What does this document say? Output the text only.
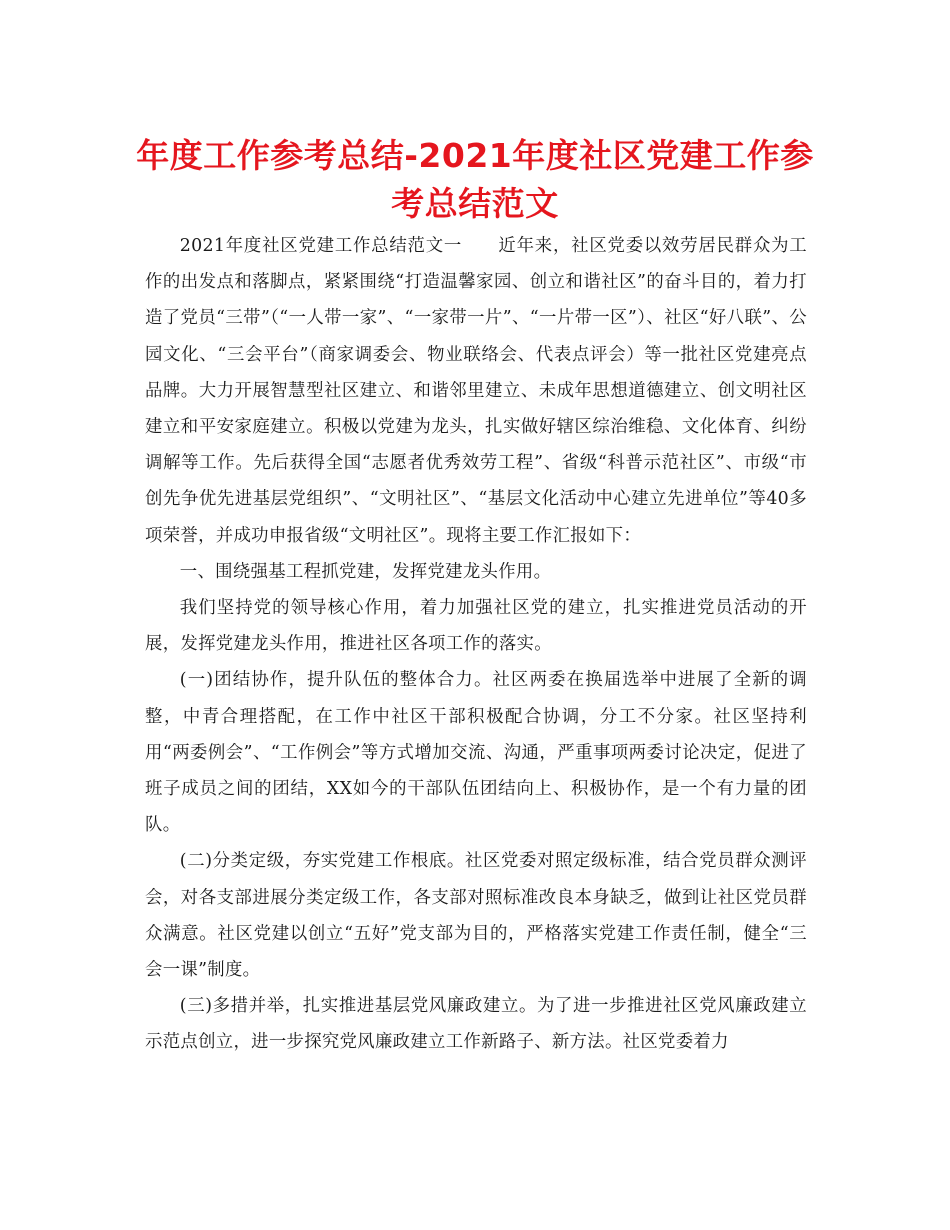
年度工作参考总结-2021年度社区党建工作参考总结范文

2021年度社区党建工作总结范文一　　近年来，社区党委以效劳居民群众为工作的出发点和落脚点，紧紧围绕“打造温馨家园、创立和谐社区”的奋斗目的，着力打造了党员“三带”（“一人带一家”、“一家带一片”、“一片带一区”）、社区“好八联”、公园文化、“三会平台”（商家调委会、物业联络会、代表点评会）等一批社区党建亮点品牌。大力开展智慧型社区建立、和谐邻里建立、未成年思想道德建立、创文明社区建立和平安家庭建立。积极以党建为龙头，扎实做好辖区综治维稳、文化体育、纠纷调解等工作。先后获得全国“志愿者优秀效劳工程”、省级“科普示范社区”、市级“市创先争优先进基层党组织”、“文明社区”、“基层文化活动中心建立先进单位”等40多项荣誉，并成功申报省级“文明社区”。现将主要工作汇报如下：

一、围绕强基工程抓党建，发挥党建龙头作用。

我们坚持党的领导核心作用，着力加强社区党的建立，扎实推进党员活动的开展，发挥党建龙头作用，推进社区各项工作的落实。

(一)团结协作，提升队伍的整体合力。社区两委在换届选举中进展了全新的调整，中青合理搭配，在工作中社区干部积极配合协调，分工不分家。社区坚持利用“两委例会”、“工作例会”等方式增加交流、沟通，严重事项两委讨论决定，促进了班子成员之间的团结，XX如今的干部队伍团结向上、积极协作，是一个有力量的团队。

(二)分类定级，夯实党建工作根底。社区党委对照定级标准，结合党员群众测评会，对各支部进展分类定级工作，各支部对照标准改良本身缺乏，做到让社区党员群众满意。社区党建以创立“五好”党支部为目的，严格落实党建工作责任制，健全“三会一课”制度。

(三)多措并举，扎实推进基层党风廉政建立。为了进一步推进社区党风廉政建立示范点创立，进一步探究党风廉政建立工作新路子、新方法。社区党委着力
